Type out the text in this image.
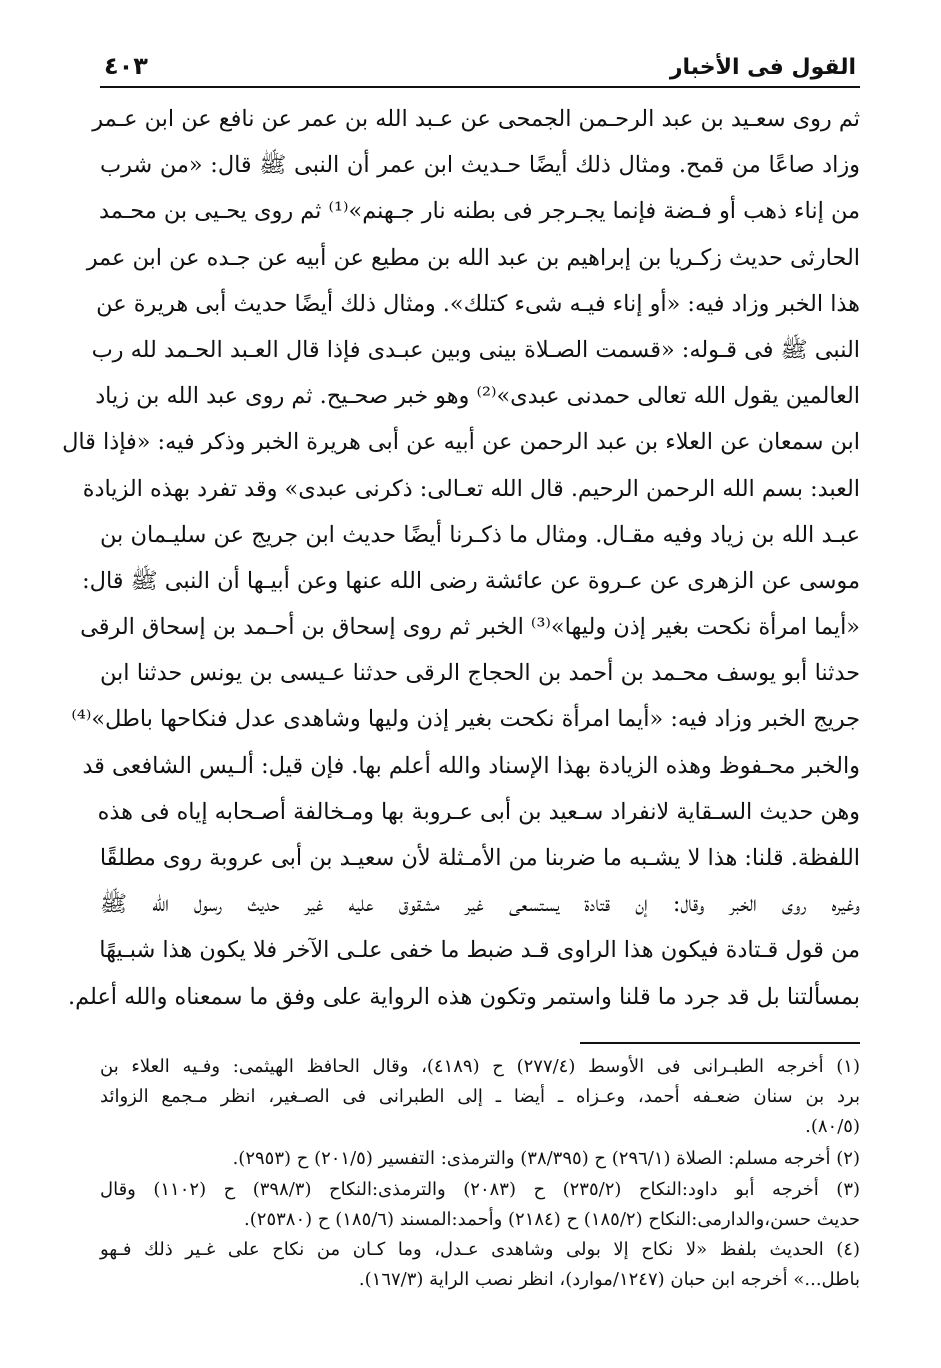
القول فى الأخبار
٤٠٣
ثم روى سعـيد بن عبد الرحـمن الجمحى عن عـبد الله بن عمر عن نافع عن ابن عـمر
وزاد صاعًا من قمح. ومثال ذلك أيضًا حـديث ابن عمر أن النبى ﷺ قال: «من شرب
من إناء ذهب أو فـضة فإنما يجـرجر فى بطنه نار جـهنم»⁽¹⁾ ثم روى يحـيى بن محـمد
الحارثى حديث زكـريا بن إبراهيم بن عبد الله بن مطيع عن أبيه عن جـده عن ابن عمر
هذا الخبر وزاد فيه: «أو إناء فيـه شىء كتلك». ومثال ذلك أيضًا حديث أبى هريرة عن
النبى ﷺ فى قـوله: «قسمت الصـلاة بينى وبين عبـدى فإذا قال العـبد الحـمد لله رب
العالمين يقول الله تعالى حمدنى عبدى»⁽²⁾ وهو خبر صحـيح. ثم روى عبد الله بن زياد
ابن سمعان عن العلاء بن عبد الرحمن عن أبيه عن أبى هريرة الخبر وذكر فيه: «فإذا قال
العبد: بسم الله الرحمن الرحيم. قال الله تعـالى: ذكرنى عبدى» وقد تفرد بهذه الزيادة
عبـد الله بن زياد وفيه مقـال. ومثال ما ذكـرنا أيضًا حديث ابن جريج عن سليـمان بن
موسى عن الزهرى عن عـروة عن عائشة رضى الله عنها وعن أبيـها أن النبى ﷺ قال:
«أيما امرأة نكحت بغير إذن وليها»⁽³⁾ الخبر ثم روى إسحاق بن أحـمد بن إسحاق الرقى
حدثنا أبو يوسف محـمد بن أحمد بن الحجاج الرقى حدثنا عـيسى بن يونس حدثنا ابن
جريج الخبر وزاد فيه: «أيما امرأة نكحت بغير إذن وليها وشاهدى عدل فنكاحها باطل»⁽⁴⁾
والخبر محـفوظ وهذه الزيادة بهذا الإسناد والله أعلم بها. فإن قيل: ألـيس الشافعى قد
وهن حديث السـقاية لانفراد سـعيد بن أبى عـروبة بها ومـخالفة أصـحابه إياه فى هذه
اللفظة. قلنا: هذا لا يشـبه ما ضربنا من الأمـثلة لأن سعيـد بن أبى عروبة روى مطلقًا
وغيره روى الخبر وقال: إن قتادة يستسعى غير مشقوق عليه غير حديث رسول الله ﷺ
من قول قـتادة فيكون هذا الراوى قـد ضبط ما خفى علـى الآخر فلا يكون هذا شبـيهًا
بمسألتنا بل قد جرد ما قلنا واستمر وتكون هذه الرواية على وفق ما سمعناه والله أعلم.
(١) أخرجه الطبـرانى فى الأوسط (٢٧٧/٤) ح (٤١٨٩)، وقال الحافظ الهيثمى: وفـيه العلاء بن
برد بن سنان ضعـفه أحمد، وعـزاه ـ أيضا ـ إلى الطبرانى فى الصـغير، انظر مـجمع الزوائد
(٨٠/٥).
(٢) أخرجه مسلم: الصلاة (٢٩٦/١) ح (٣٨/٣٩٥) والترمذى: التفسير (٢٠١/٥) ح (٢٩٥٣).
(٣) أخرجه أبو داود:النكاح (٢٣٥/٢) ح (٢٠٨٣) والترمذى:النكاح (٣٩٨/٣) ح (١١٠٢) وقال
حديث حسن،والدارمى:النكاح (١٨٥/٢) ح (٢١٨٤) وأحمد:المسند (١٨٥/٦) ح (٢٥٣٨٠).
(٤) الحديث بلفظ «لا نكاح إلا بولى وشاهدى عـدل، وما كـان من نكاح على غـير ذلك فـهو
باطل...» أخرجه ابن حبان (١٢٤٧/موارد)، انظر نصب الراية (١٦٧/٣).
